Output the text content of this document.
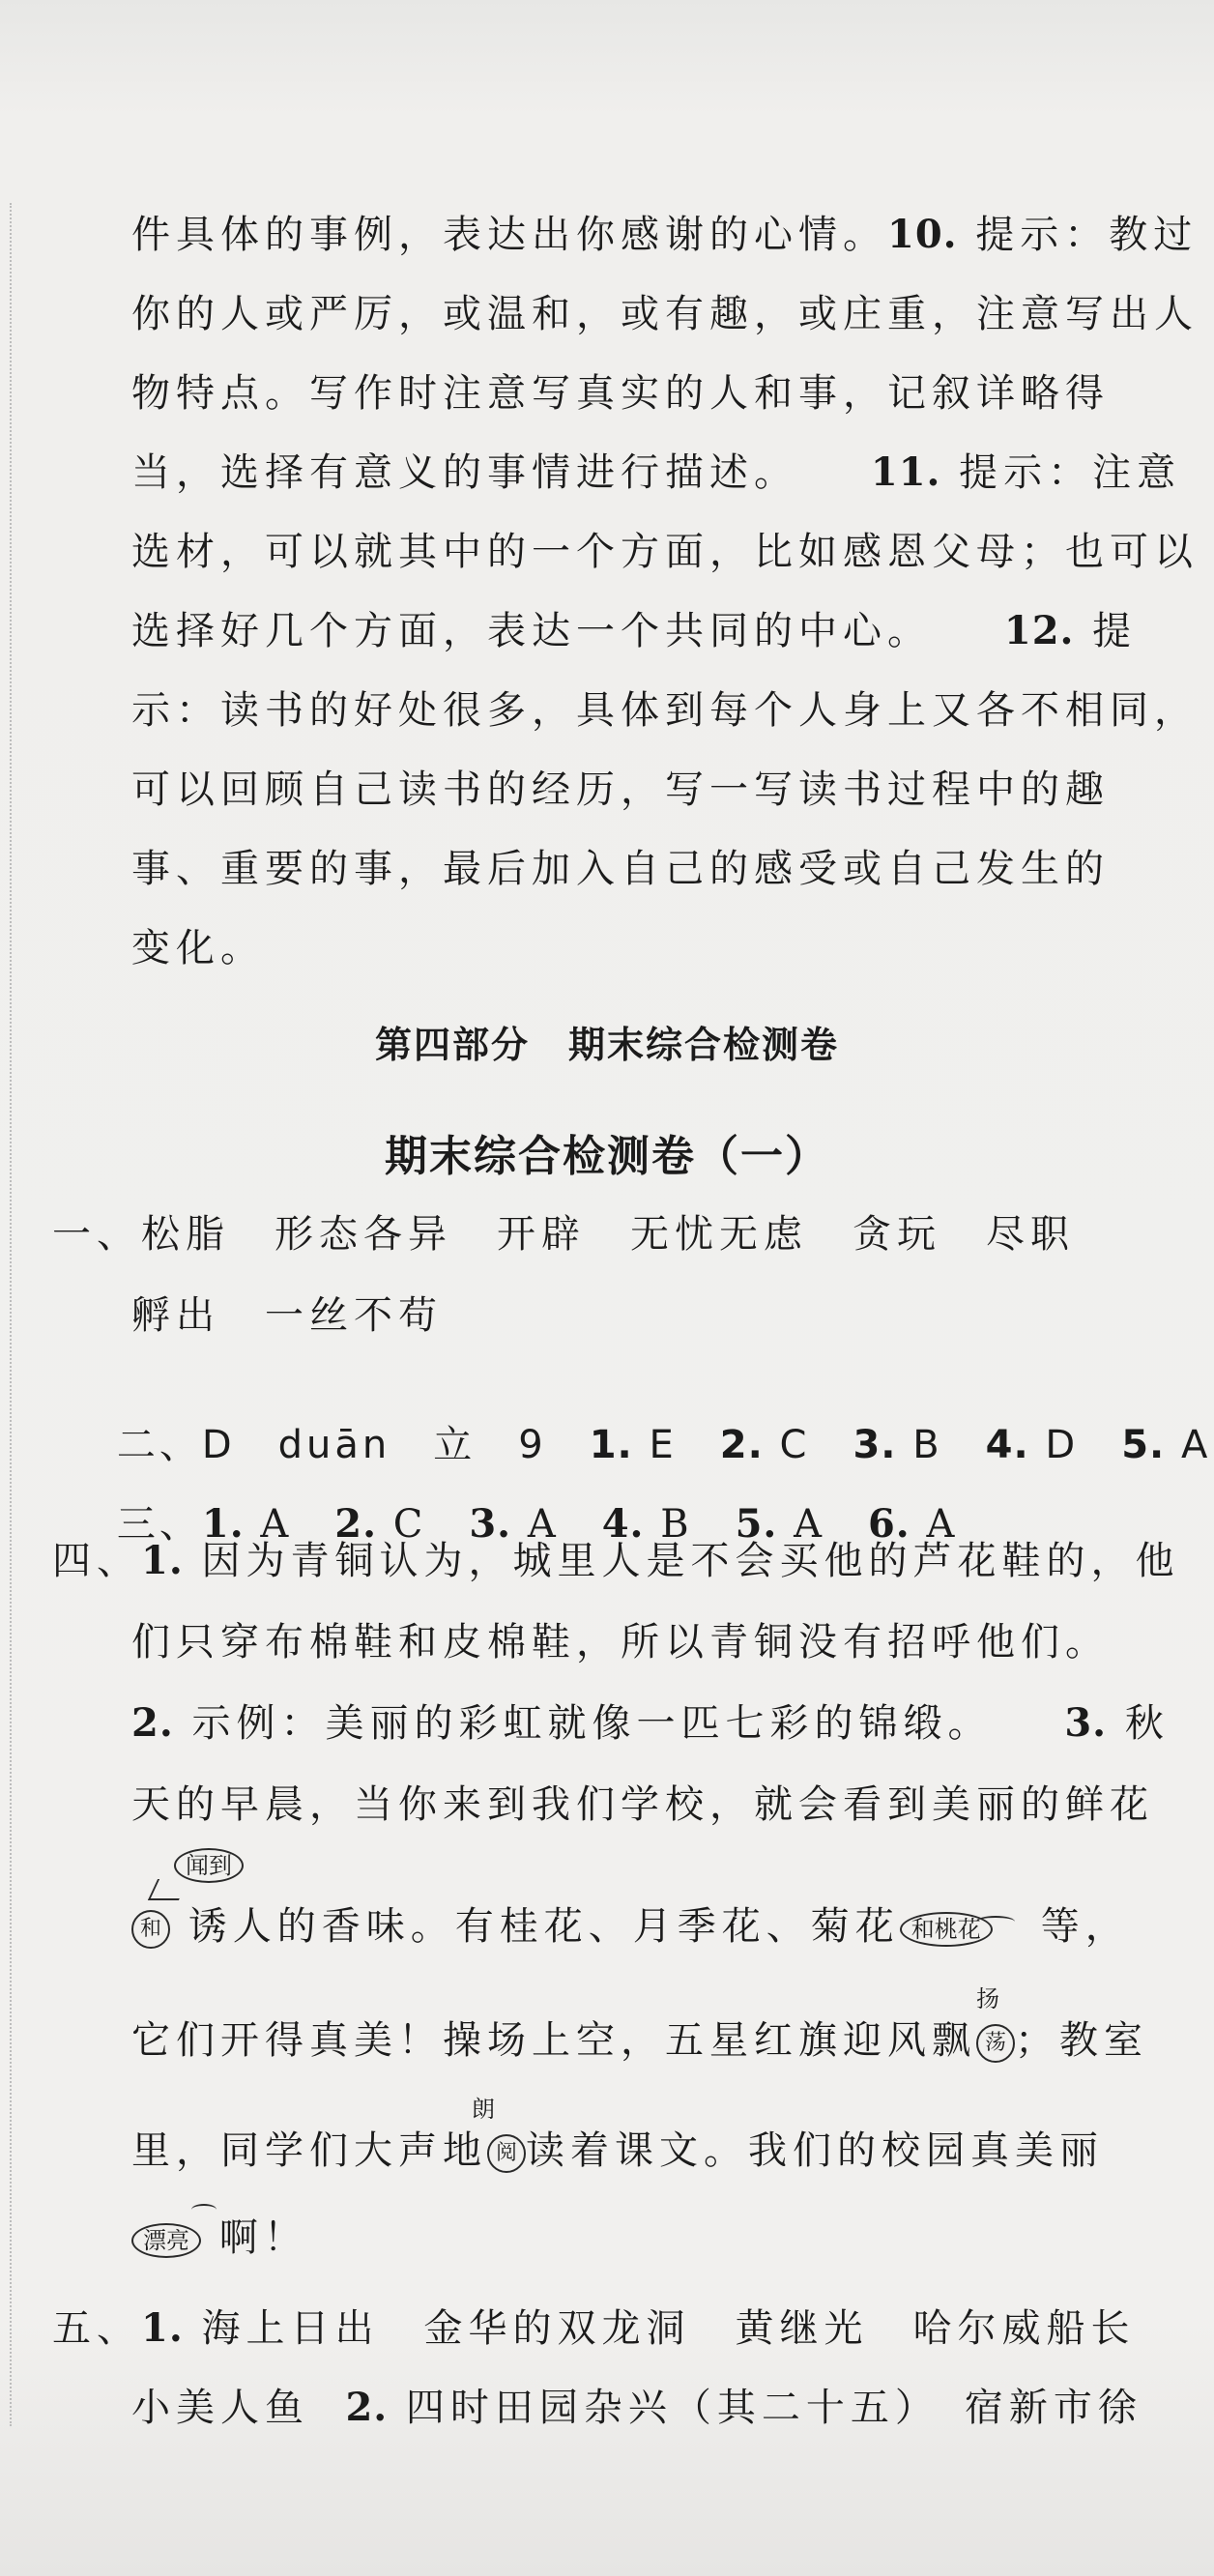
件具体的事例，表达出你感谢的心情。10. 提示：教过
你的人或严厉，或温和，或有趣，或庄重，注意写出人
物特点。写作时注意写真实的人和事，记叙详略得
当，选择有意义的事情进行描述。 11. 提示：注意
选材，可以就其中的一个方面，比如感恩父母；也可以
选择好几个方面，表达一个共同的中心。 12. 提
示：读书的好处很多，具体到每个人身上又各不相同，
可以回顾自己读书的经历，写一写读书过程中的趣
事、重要的事，最后加入自己的感受或自己发生的
变化。
第四部分　期末综合检测卷
期末综合检测卷（一）
一、松脂　形态各异　开辟　无忧无虑　贪玩　尽职
孵出　一丝不苟

二、D　duān　立　9　1. E　 2. C　 3. B　 4. D　 5. A

三、1. A　 2. C　 3. A　 4. B　 5. A　 6. A

四、1. 因为青铜认为，城里人是不会买他的芦花鞋的，他
们只穿布棉鞋和皮棉鞋，所以青铜没有招呼他们。
2. 示例：美丽的彩虹就像一匹七彩的锦缎。 3. 秋
天的早晨，当你来到我们学校，就会看到美丽的鲜花
闻到
和 诱人的香味。有桂花、月季花、菊花 和桃花 等，
扬
它们开得真美！操场上空，五星红旗迎风飘 荡 ；教室
朗
里，同学们大声地 阅 读着课文。我们的校园真美丽
漂亮 啊！
五、1. 海上日出　金华的双龙洞　黄继光　哈尔威船长
小美人鱼 2. 四时田园杂兴（其二十五）　宿新市徐
